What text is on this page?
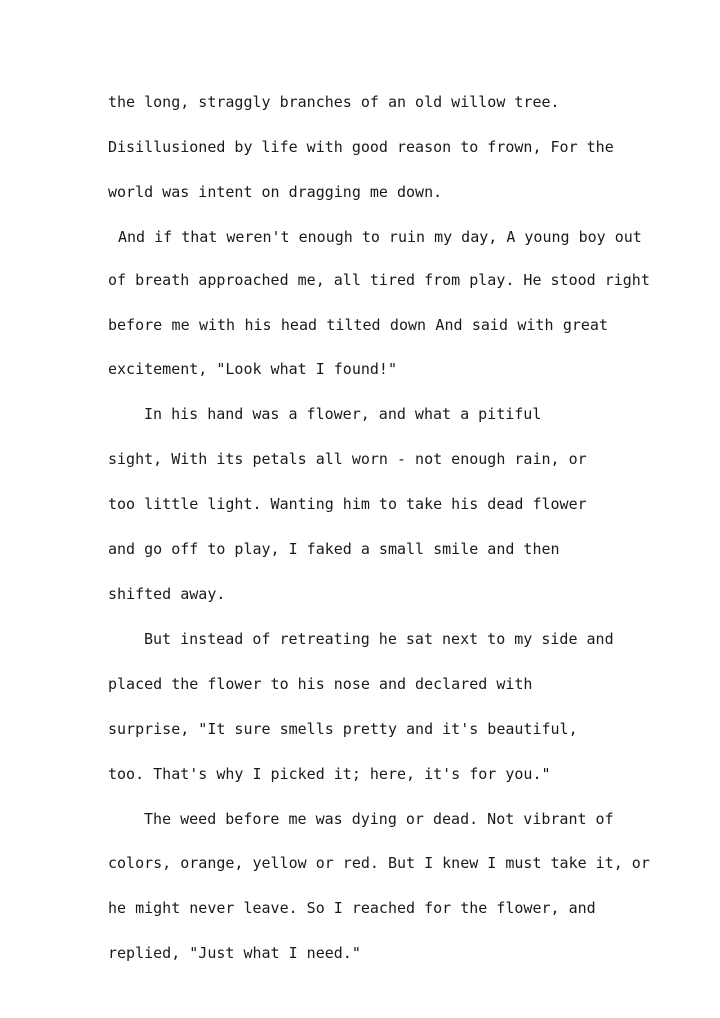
the long, straggly branches of an old willow tree.
Disillusioned by life with good reason to frown, For the
world was intent on dragging me down.
And if that weren't enough to ruin my day, A young boy out
of breath approached me, all tired from play. He stood right
before me with his head tilted down And said with great
excitement, "Look what I found!"
In his hand was a flower, and what a pitiful
sight, With its petals all worn - not enough rain, or
too little light. Wanting him to take his dead flower
and go off to play, I faked a small smile and then
shifted away.
But instead of retreating he sat next to my side and
placed the flower to his nose and declared with
surprise, "It sure smells pretty and it's beautiful,
too. That's why I picked it; here, it's for you."
The weed before me was dying or dead. Not vibrant of
colors, orange, yellow or red. But I knew I must take it, or
he might never leave. So I reached for the flower, and
replied, "Just what I need."
